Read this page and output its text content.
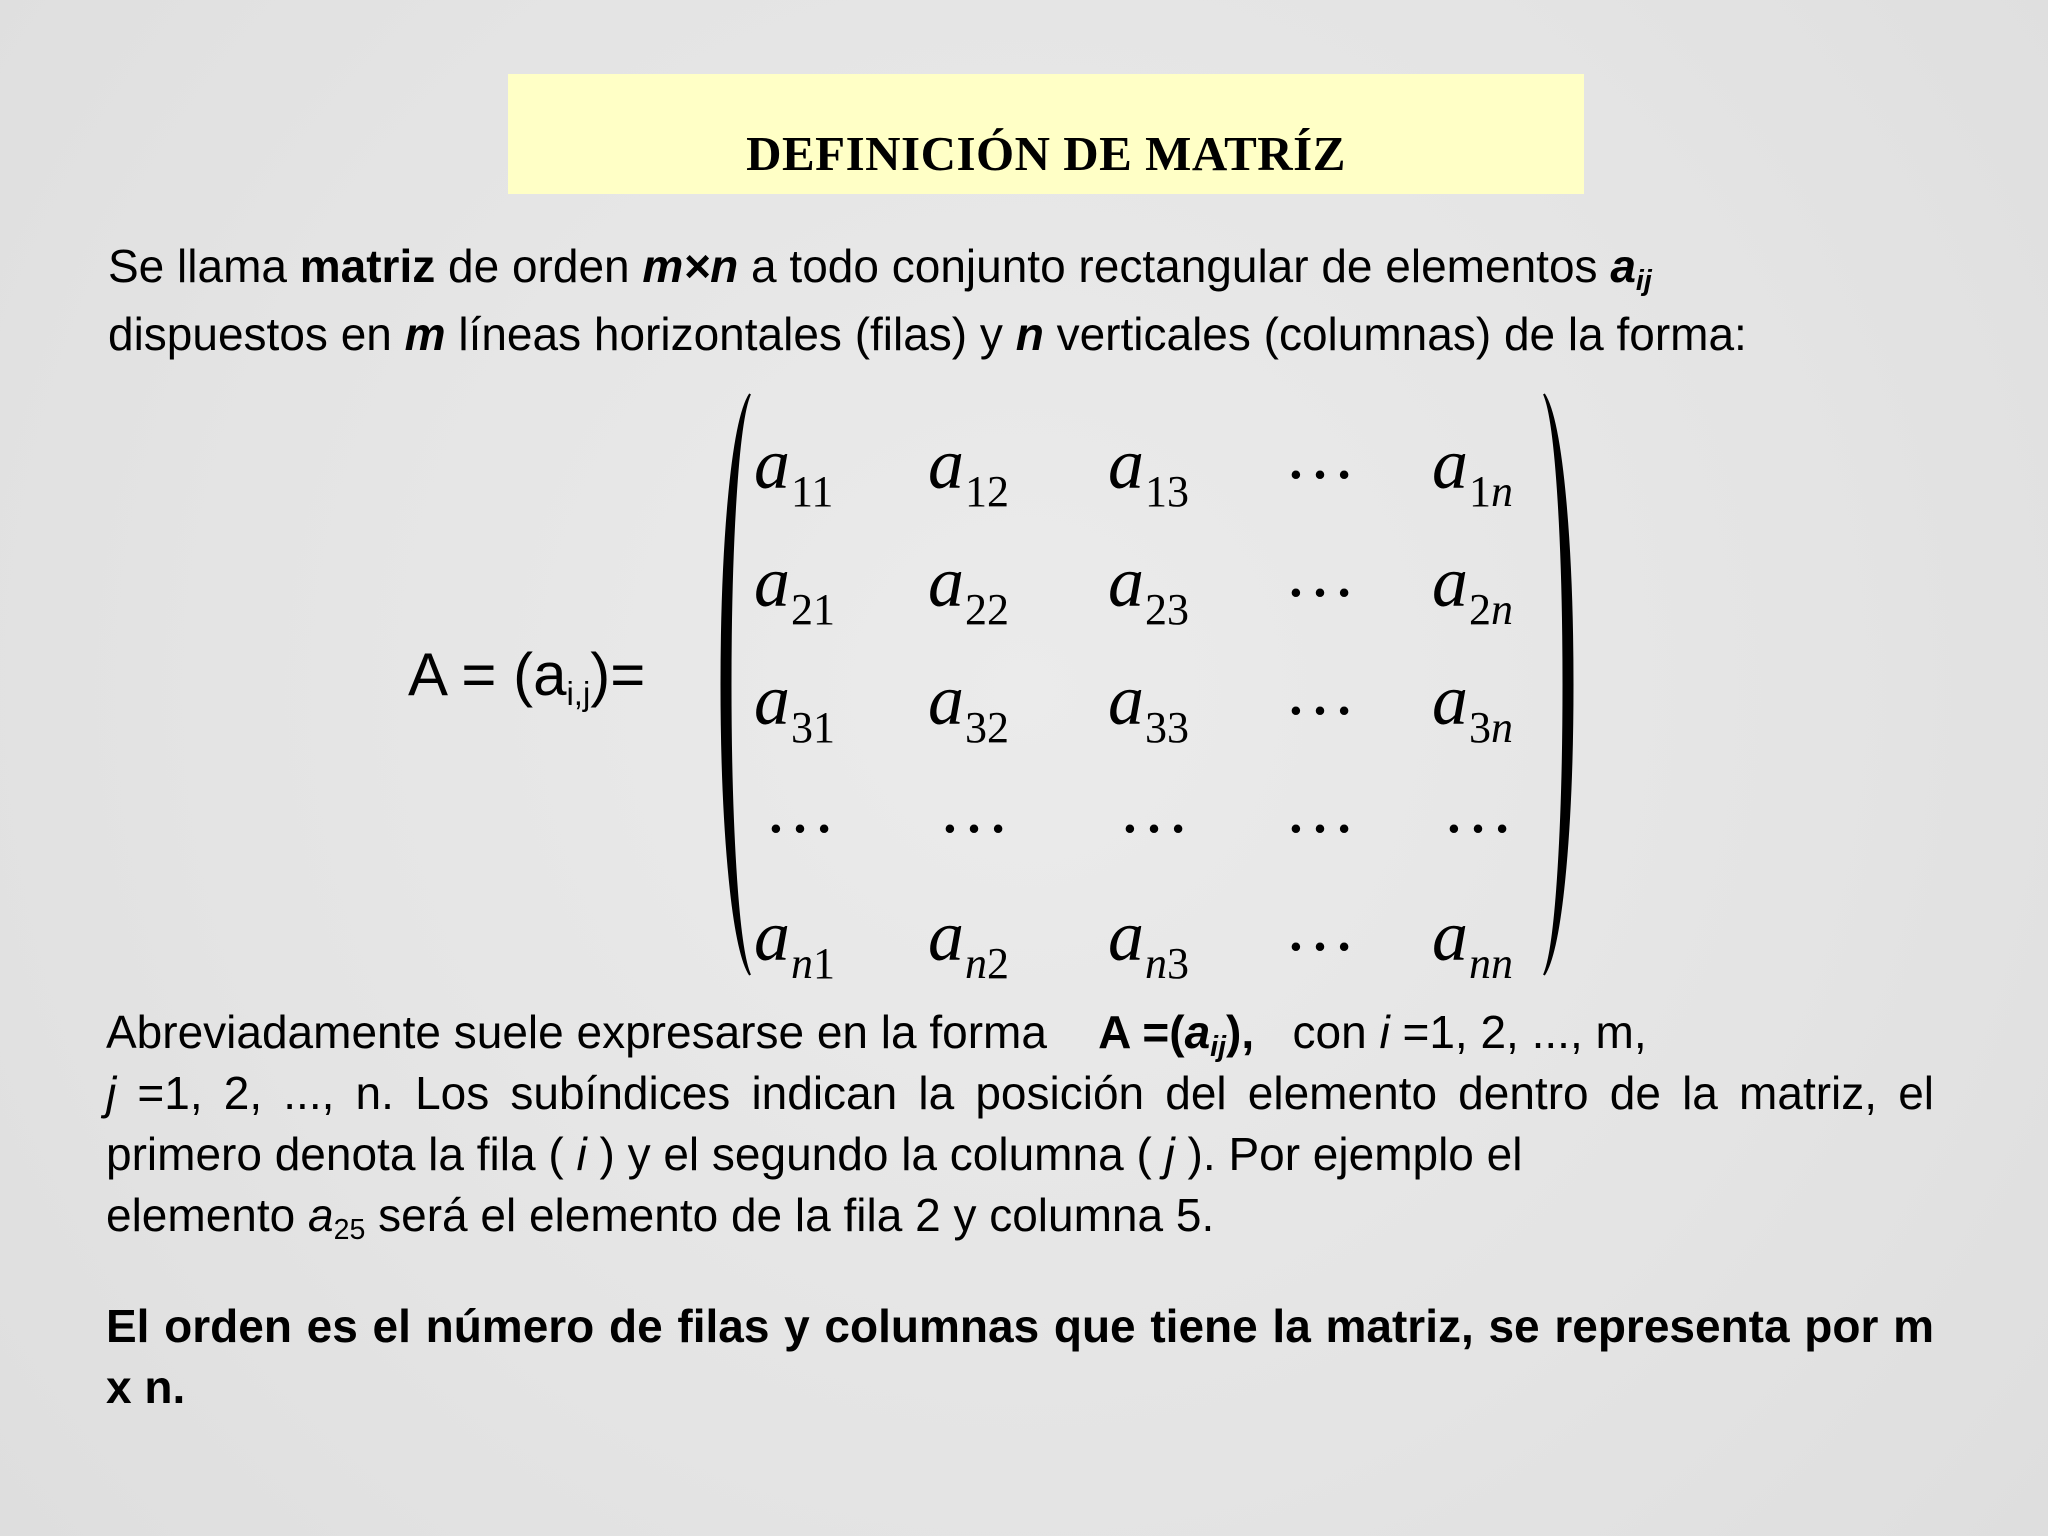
DEFINICIÓN DE MATRÍZ

Se llama matriz de orden m×n a todo conjunto rectangular de elementos $a_{ij}$
dispuestos en m líneas horizontales (filas) y n verticales (columnas) de la forma:

$A = (a_{i,j})=$
$a_{11}$ $a_{12}$ $a_{13}$ … $a_{1n}$
$a_{21}$ $a_{22}$ $a_{23}$ … $a_{2n}$
$a_{31}$ $a_{32}$ $a_{33}$ … $a_{3n}$
… … … … …
$a_{n1}$ $a_{n2}$ $a_{n3}$ … $a_{nn}$

Abreviadamente suele expresarse en la forma    $A =(a_{ij})$,   con i =1, 2, ..., m,
j =1, 2, ..., n. Los subíndices indican la posición del elemento dentro de la matriz, el primero denota la fila ( i ) y el segundo la columna ( j ). Por ejemplo el
elemento $a_{25}$ será el elemento de la fila 2 y columna 5.

El orden es el número de filas y columnas que tiene la matriz, se representa por m x n.
